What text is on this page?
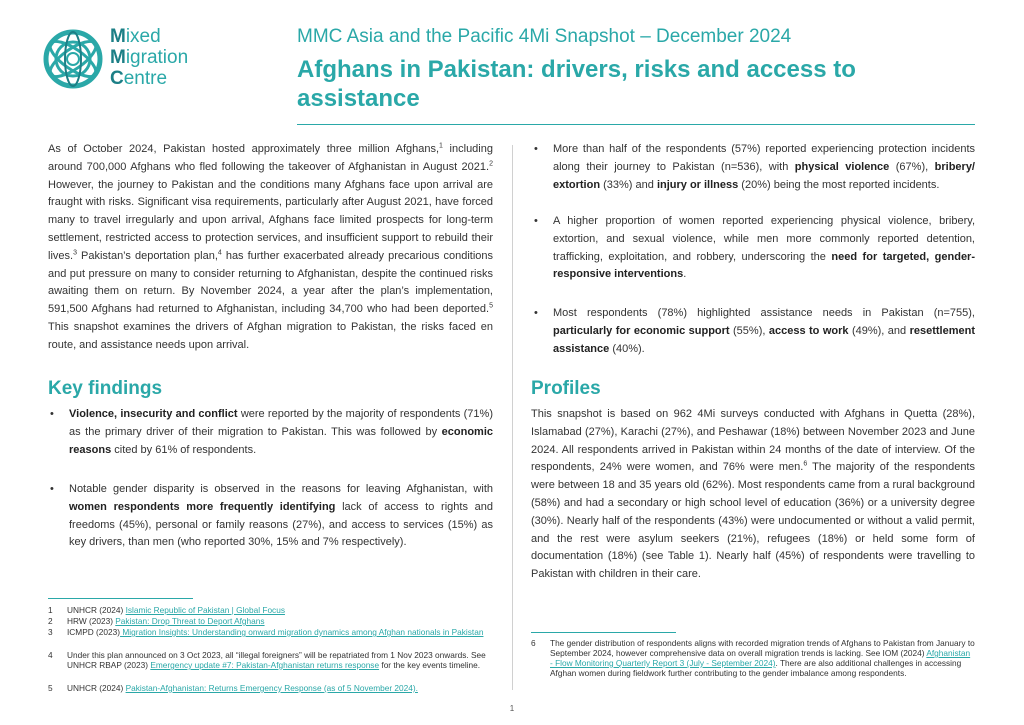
Mixed
Migration
Centre
MMC Asia and the Pacific 4Mi Snapshot – December 2024
Afghans in Pakistan: drivers, risks and access to assistance

As of October 2024, Pakistan hosted approximately three million Afghans,$^1$ including around 700,000 Afghans who fled following the takeover of Afghanistan in August 2021.$^2$ However, the journey to Pakistan and the conditions many Afghans face upon arrival are fraught with risks. Significant visa requirements, particularly after August 2021, have forced many to travel irregularly and upon arrival, Afghans face limited prospects for long-term settlement, restricted access to protection services, and insufficient support to rebuild their lives.$^3$ Pakistan’s deportation plan,$^4$ has further exacerbated already precarious conditions and put pressure on many to consider returning to Afghanistan, despite the continued risks awaiting them on return. By November 2024, a year after the plan’s implementation, 591,500 Afghans had returned to Afghanistan, including 34,700 who had been deported.$^5$ This snapshot examines the drivers of Afghan migration to Pakistan, the risks faced en route, and assistance needs upon arrival.

Key findings
• Violence, insecurity and conflict were reported by the majority of respondents (71%) as the primary driver of their migration to Pakistan. This was followed by economic reasons cited by 61% of respondents.
• Notable gender disparity is observed in the reasons for leaving Afghanistan, with women respondents more frequently identifying lack of access to rights and freedoms (45%), personal or family reasons (27%), and access to services (15%) as key drivers, than men (who reported 30%, 15% and 7% respectively).
• More than half of the respondents (57%) reported experiencing protection incidents along their journey to Pakistan (n=536), with physical violence (67%), bribery/ extortion (33%) and injury or illness (20%) being the most reported incidents.
• A higher proportion of women reported experiencing physical violence, bribery, extortion, and sexual violence, while men more commonly reported detention, trafficking, exploitation, and robbery, underscoring the need for targeted, gender-responsive interventions.
• Most respondents (78%) highlighted assistance needs in Pakistan (n=755), particularly for economic support (55%), access to work (49%), and resettlement assistance (40%).
Profiles

This snapshot is based on 962 4Mi surveys conducted with Afghans in Quetta (28%), Islamabad (27%), Karachi (27%), and Peshawar (18%) between November 2023 and June 2024. All respondents arrived in Pakistan within 24 months of the date of interview. Of the respondents, 24% were women, and 76% were men.$^6$ The majority of the respondents were between 18 and 35 years old (62%). Most respondents came from a rural background (58%) and had a secondary or high school level of education (36%) or a university degree (30%). Nearly half of the respondents (43%) were undocumented or without a valid permit, and the rest were asylum seekers (21%), refugees (18%) or held some form of documentation (18%) (see Table 1). Nearly half (45%) of respondents were travelling to Pakistan with children in their care.

1 UNHCR (2024) Islamic Republic of Pakistan | Global Focus
2 HRW (2023) Pakistan: Drop Threat to Deport Afghans
3 ICMPD (2023) Migration Insights: Understanding onward migration dynamics among Afghan nationals in Pakistan
4 Under this plan announced on 3 Oct 2023, all “illegal foreigners” will be repatriated from 1 Nov 2023 onwards. See UNHCR RBAP (2023) Emergency update #7: Pakistan-Afghanistan returns response for the key events timeline.
5 UNHCR (2024) Pakistan-Afghanistan: Returns Emergency Response (as of 5 November 2024).
6 The gender distribution of respondents aligns with recorded migration trends of Afghans to Pakistan from January to September 2024, however comprehensive data on overall migration trends is lacking. See IOM (2024) Afghanistan - Flow Monitoring Quarterly Report 3 (July - September 2024). There are also additional challenges in accessing Afghan women during fieldwork further contributing to the gender imbalance among respondents.
1
